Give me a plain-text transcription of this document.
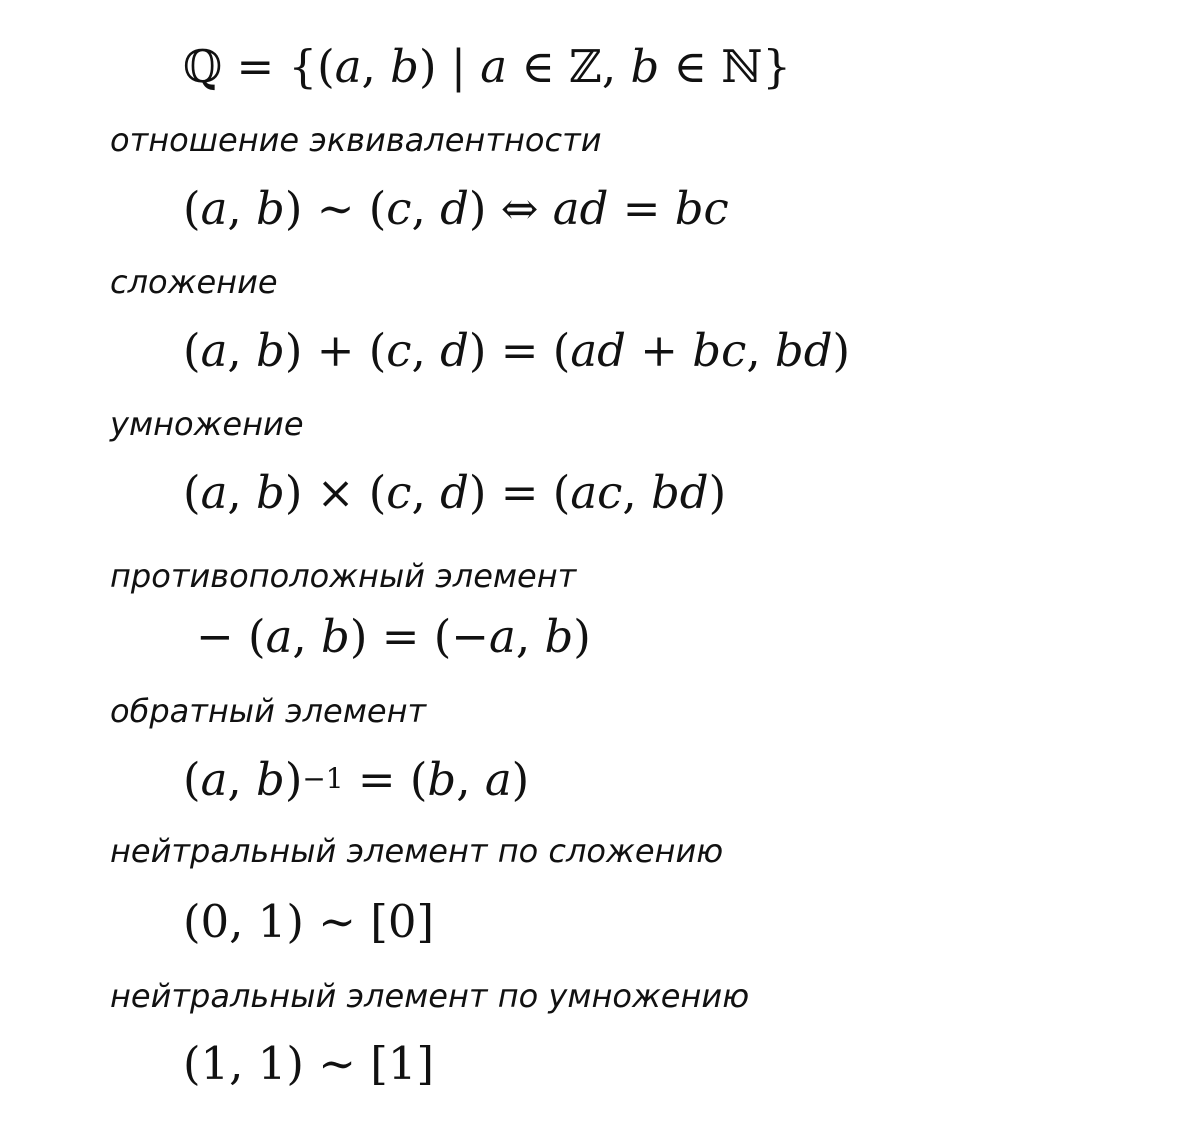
ℚ = {(a, b) | a ∈ ℤ, b ∈ ℕ}
отношение эквивалентности
(a, b) ∼ (c, d) ⇔ ad = bc
сложение
(a, b) + (c, d) = (ad + bc, bd)
умножение
(a, b) × (c, d) = (ac, bd)
противоположный элемент
− (a, b) = (−a, b)
обратный элемент
(a, b)$^{-1}$ = (b, a)
нейтральный элемент по сложению
(0, 1) ∼ [0]
нейтральный элемент по умножению
(1, 1) ∼ [1]
